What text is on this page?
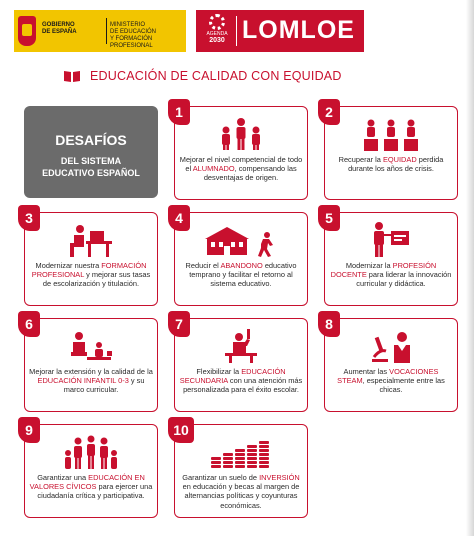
GOBIERNO
DE ESPAÑA
MINISTERIO
DE EDUCACIÓN
Y FORMACIÓN PROFESIONAL
AGENDA
2030 LOMLOE
EDUCACIÓN DE CALIDAD CON EQUIDAD
DESAFÍOS
DEL SISTEMA
EDUCATIVO ESPAÑOL
1
Mejorar el nivel competencial de todo el ALUMNADO, compensando las desventajas de origen.
2
Recuperar la EQUIDAD perdida durante los años de crisis.
3
Modernizar nuestra FORMACIÓN PROFESIONAL y mejorar sus tasas de escolarización y titulación.
4
Reducir el ABANDONO educativo temprano y facilitar el retorno al sistema educativo.
5
Modernizar la PROFESIÓN DOCENTE para liderar la innovación curricular y didáctica.
6
Mejorar la extensión y la calidad de la EDUCACIÓN INFANTIL 0-3 y su marco curricular.
7
Flexibilizar la EDUCACIÓN SECUNDARIA con una atención más personalizada para el éxito escolar.
8
Aumentar las VOCACIONES STEAM, especialmente entre las chicas.
9
Garantizar una EDUCACIÓN EN VALORES CÍVICOS para ejercer una ciudadanía crítica y participativa.
10
Garantizar un suelo de INVERSIÓN en educación y becas al margen de alternancias políticas y coyunturas económicas.
